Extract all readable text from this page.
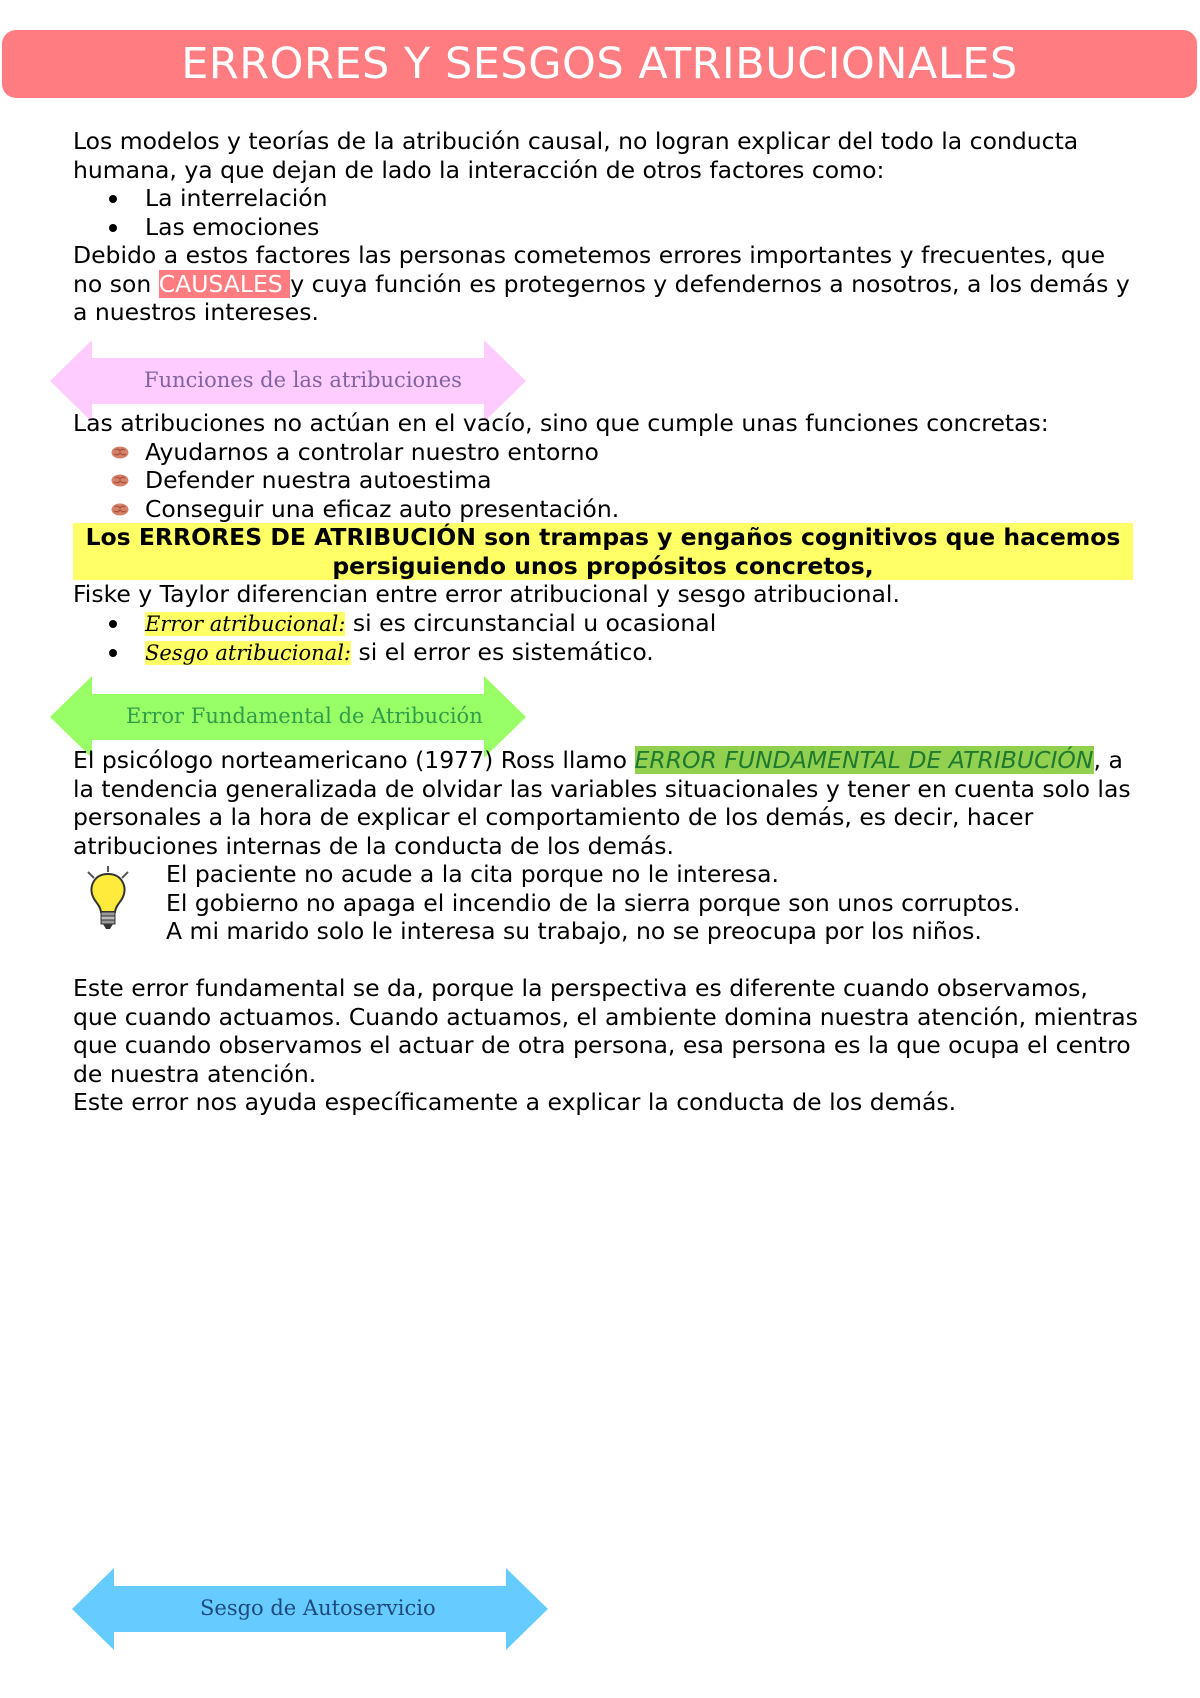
ERRORES Y SESGOS ATRIBUCIONALES

Los modelos y teorías de la atribución causal, no logran explicar del todo la conducta humana, ya que dejan de lado la interacción de otros factores como:

La interrelación
Las emociones

Debido a estos factores las personas cometemos errores importantes y frecuentes, que no son CAUSALES y cuya función es protegernos y defendernos a nosotros, a los demás y a nuestros intereses.

Funciones de las atribuciones

Las atribuciones no actúan en el vacío, sino que cumple unas funciones concretas:

Ayudarnos a controlar nuestro entorno
Defender nuestra autoestima
Conseguir una eficaz auto presentación.
Los ERRORES DE ATRIBUCIÓN son trampas y engaños cognitivos que hacemos persiguiendo unos propósitos concretos,

Fiske y Taylor diferencian entre error atribucional y sesgo atribucional.

Error atribucional: si es circunstancial u ocasional
Sesgo atribucional: si el error es sistemático.
Error Fundamental de Atribución

El psicólogo norteamericano (1977) Ross llamo ERROR FUNDAMENTAL DE ATRIBUCIÓN, a la tendencia generalizada de olvidar las variables situacionales y tener en cuenta solo las personales a la hora de explicar el comportamiento de los demás, es decir, hacer atribuciones internas de la conducta de los demás.

El paciente no acude a la cita porque no le interesa.
El gobierno no apaga el incendio de la sierra porque son unos corruptos.
A mi marido solo le interesa su trabajo, no se preocupa por los niños.

Este error fundamental se da, porque la perspectiva es diferente cuando observamos, que cuando actuamos. Cuando actuamos, el ambiente domina nuestra atención, mientras que cuando observamos el actuar de otra persona, esa persona es la que ocupa el centro de nuestra atención.

Este error nos ayuda específicamente a explicar la conducta de los demás.

Sesgo de Autoservicio
